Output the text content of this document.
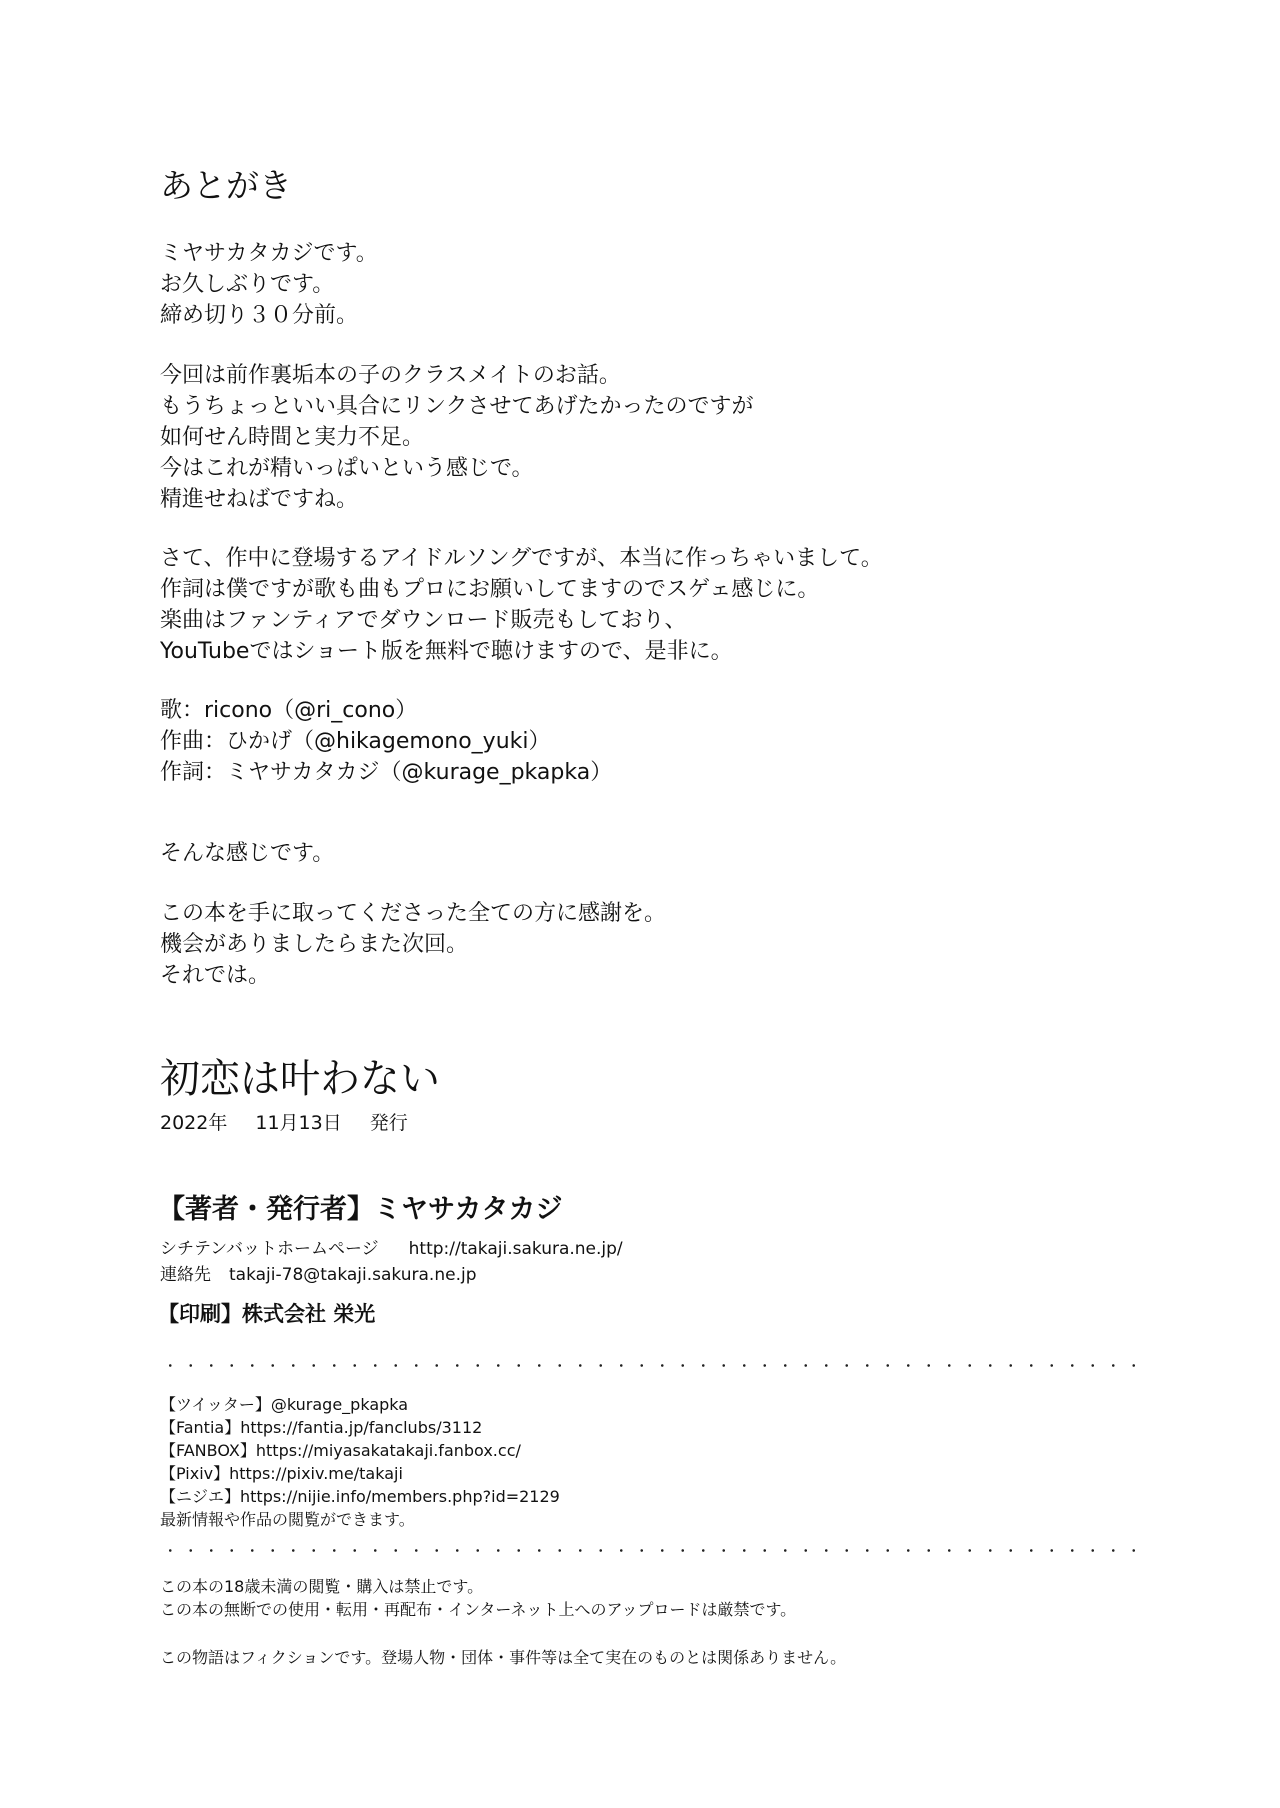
あとがき
ミヤサカタカジです。
お久しぶりです。
締め切り３０分前。
今回は前作裏垢本の子のクラスメイトのお話。
もうちょっといい具合にリンクさせてあげたかったのですが
如何せん時間と実力不足。
今はこれが精いっぱいという感じで。
精進せねばですね。
さて、作中に登場するアイドルソングですが、本当に作っちゃいまして。
作詞は僕ですが歌も曲もプロにお願いしてますのでスゲェ感じに。
楽曲はファンティアでダウンロード販売もしており、
YouTubeではショート版を無料で聴けますので、是非に。
歌：ricono（@ri_cono）
作曲：ひかげ（@hikagemono_yuki）
作詞：ミヤサカタカジ（@kurage_pkapka）
そんな感じです。
この本を手に取ってくださった全ての方に感謝を。
機会がありましたらまた次回。
それでは。
初恋は叶わない
2022年 11月13日 発行
【著者・発行者】ミヤサカタカジ
シチテンバットホームページ http://takaji.sakura.ne.jp/
連絡先 takaji-78@takaji.sakura.ne.jp
【印刷】株式会社 栄光
【ツイッター】@kurage_pkapka
【Fantia】https://fantia.jp/fanclubs/3112
【FANBOX】https://miyasakatakaji.fanbox.cc/
【Pixiv】https://pixiv.me/takaji
【ニジエ】https://nijie.info/members.php?id=2129
最新情報や作品の閲覧ができます。
この本の18歳未満の閲覧・購入は禁止です。
この本の無断での使用・転用・再配布・インターネット上へのアップロードは厳禁です。
この物語はフィクションです。登場人物・団体・事件等は全て実在のものとは関係ありません。
